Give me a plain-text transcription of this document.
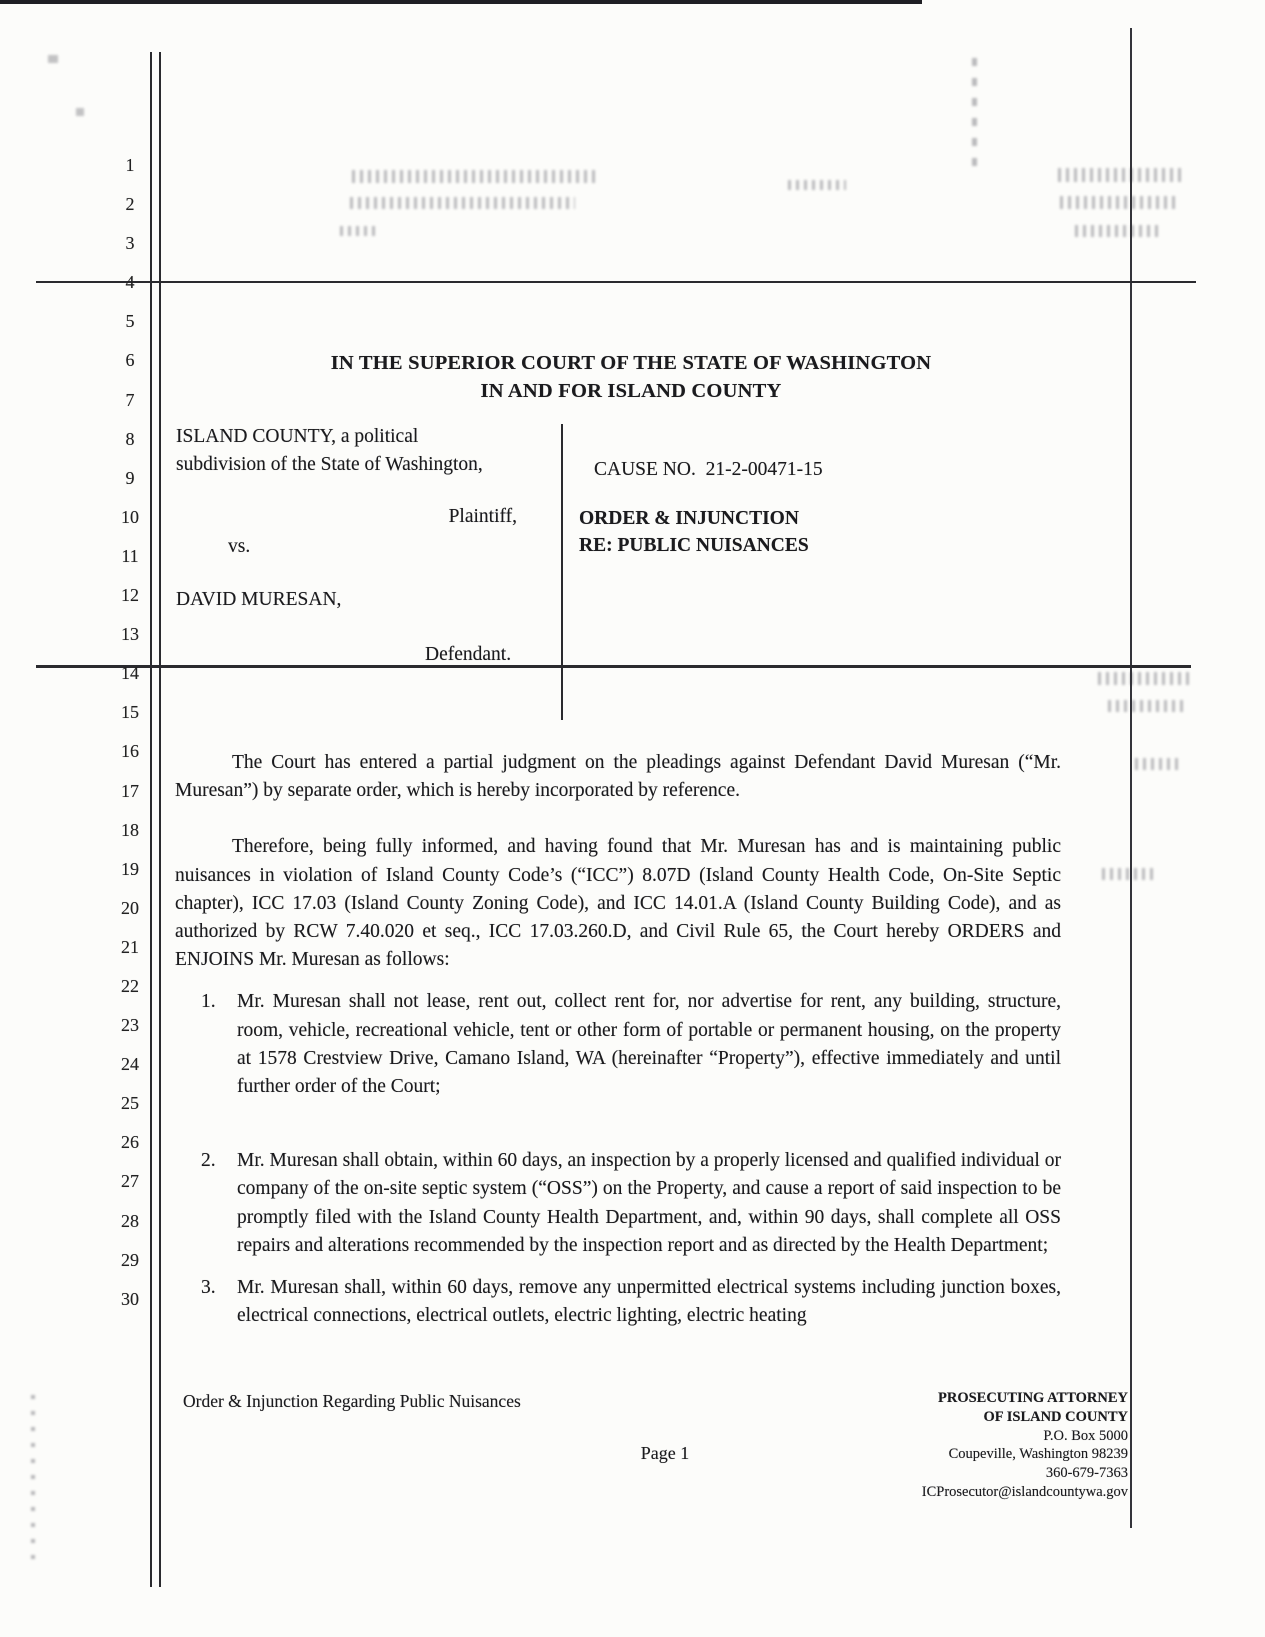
1
2
3
4
5
6
7
8
9
10
11
12
13
14
15
16
17
18
19
20
21
22
23
24
25
26
27
28
29
30
IN THE SUPERIOR COURT OF THE STATE OF WASHINGTON
IN AND FOR ISLAND COUNTY
ISLAND COUNTY, a political
subdivision of the State of Washington,
Plaintiff,
vs.
DAVID MURESAN,
Defendant.
CAUSE NO.  21-2-00471-15
ORDER & INJUNCTION
RE: PUBLIC NUISANCES

The Court has entered a partial judgment on the pleadings against Defendant David Muresan (“Mr. Muresan”) by separate order, which is hereby incorporated by reference.

Therefore, being fully informed, and having found that Mr. Muresan has and is maintaining public nuisances in violation of Island County Code’s (“ICC”) 8.07D (Island County Health Code, On-Site Septic chapter), ICC 17.03 (Island County Zoning Code), and ICC 14.01.A (Island County Building Code), and as authorized by RCW 7.40.020 et seq., ICC 17.03.260.D, and Civil Rule 65, the Court hereby ORDERS and ENJOINS Mr. Muresan as follows:

1.	Mr. Muresan shall not lease, rent out, collect rent for, nor advertise for rent, any building, structure, room, vehicle, recreational vehicle, tent or other form of portable or permanent housing, on the property at 1578 Crestview Drive, Camano Island, WA (hereinafter “Property”), effective immediately and until further order of the Court;
2.	Mr. Muresan shall obtain, within 60 days, an inspection by a properly licensed and qualified individual or company of the on-site septic system (“OSS”) on the Property, and cause a report of said inspection to be promptly filed with the Island County Health Department, and, within 90 days, shall complete all OSS repairs and alterations recommended by the inspection report and as directed by the Health Department;
3.	Mr. Muresan shall, within 60 days, remove any unpermitted electrical systems including junction boxes, electrical connections, electrical outlets, electric lighting, electric heating
Order & Injunction Regarding Public Nuisances
Page 1
PROSECUTING ATTORNEY
OF ISLAND COUNTY
P.O. Box 5000
Coupeville, Washington 98239
360-679-7363
ICProsecutor@islandcountywa.gov
